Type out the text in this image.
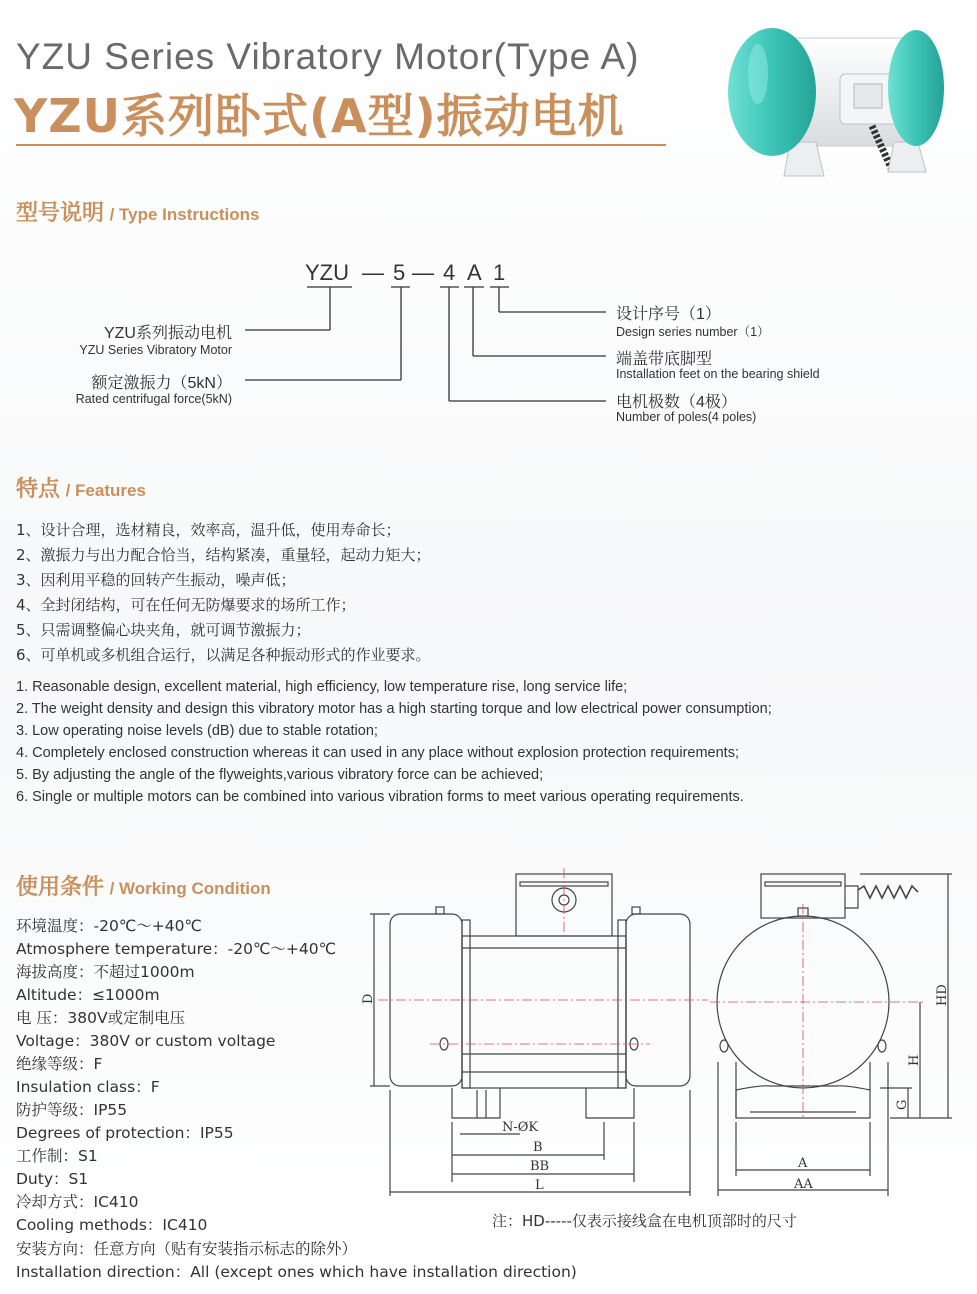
YZU Series Vibratory Motor(Type A)
YZU系列卧式(A型)振动电机
型号说明 / Type Instructions
YZU — 5 — 4 A 1
YZU系列振动电机
YZU Series Vibratory Motor
额定激振力（5kN）
Rated centrifugal force(5kN)
设计序号（1）
Design series number（1）
端盖带底脚型
Installation feet on the bearing shield
电机极数（4极）
Number of poles(4 poles)
特点 / Features
1、设计合理，选材精良，效率高，温升低，使用寿命长；
2、激振力与出力配合恰当，结构紧凑，重量轻，起动力矩大；
3、因利用平稳的回转产生振动，噪声低；
4、全封闭结构，可在任何无防爆要求的场所工作；
5、只需调整偏心块夹角，就可调节激振力；
6、可单机或多机组合运行，以满足各种振动形式的作业要求。
1. Reasonable design, excellent material, high efficiency, low temperature rise, long service life;
2. The weight density and design this vibratory motor has a high starting torque and low electrical power consumption;
3. Low operating noise levels (dB) due to stable rotation;
4. Completely enclosed construction whereas it can used in any place without explosion protection requirements;
5. By adjusting the angle of the flyweights,various vibratory force can be achieved;
6. Single or multiple motors can be combined into various vibration forms to meet various operating requirements.
使用条件 / Working Condition
环境温度：-20℃～+40℃
Atmosphere temperature：-20℃～+40℃
海拔高度：不超过1000m
Altitude：≤1000m
电 压：380V或定制电压
Voltage：380V or custom voltage
绝缘等级：F
Insulation class：F
防护等级：IP55
Degrees of protection：IP55
工作制：S1
Duty：S1
冷却方式：IC410
Cooling methods：IC410
安装方向：任意方向（贴有安装指示标志的除外）
Installation direction：All (except ones which have installation direction)
D
N-ØK
B
BB
L
HD
H
G
A
AA
注：HD-----仅表示接线盒在电机顶部时的尺寸
